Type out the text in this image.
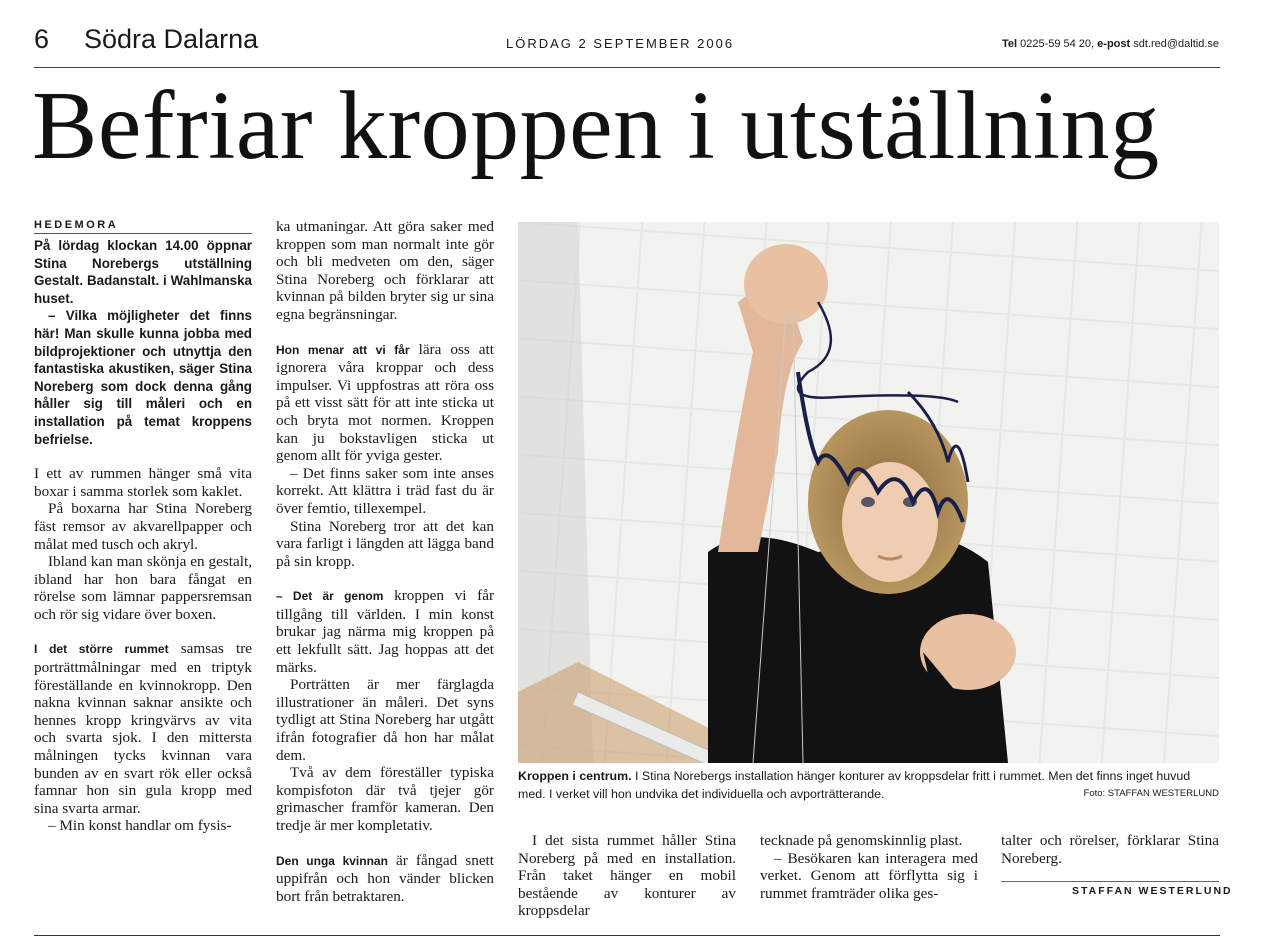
6 Södra Dalarna	LÖRDAG 2 SEPTEMBER 2006	Tel 0225-59 54 20, e-post sdt.red@daltid.se
Befriar kroppen i utställning
HEDEMORA

På lördag klockan 14.00 öppnar Stina Norebergs utställning Gestalt. Badanstalt. i Wahlmanska huset.

– Vilka möjligheter det finns här! Man skulle kunna jobba med bildprojektioner och utnyttja den fantastiska akustiken, säger Stina Noreberg som dock denna gång håller sig till måleri och en installation på temat kroppens befrielse.

I ett av rummen hänger små vita boxar i samma storlek som kaklet.

På boxarna har Stina Noreberg fäst remsor av akvarellpapper och målat med tusch och akryl.

Ibland kan man skönja en gestalt, ibland har hon bara fångat en rörelse som lämnar pappersremsan och rör sig vidare över boxen.

I det större rummet samsas tre porträttmålningar med en triptyk föreställande en kvinnokropp. Den nakna kvinnan saknar ansikte och hennes kropp kringvärvs av vita och svarta sjok. I den mittersta målningen tycks kvinnan vara bunden av en svart rök eller också famnar hon sin gula kropp med sina svarta armar.

– Min konst handlar om fysis-

ka utmaningar. Att göra saker med kroppen som man normalt inte gör och bli medveten om den, säger Stina Noreberg och förklarar att kvinnan på bilden bryter sig ur sina egna begränsningar.

Hon menar att vi får lära oss att ignorera våra kroppar och dess impulser. Vi uppfostras att röra oss på ett visst sätt för att inte sticka ut och bryta mot normen. Kroppen kan ju bokstavligen sticka ut genom allt för yviga gester.

– Det finns saker som inte anses korrekt. Att klättra i träd fast du är över femtio, tillexempel.

Stina Noreberg tror att det kan vara farligt i längden att lägga band på sin kropp.

– Det är genom kroppen vi får tillgång till världen. I min konst brukar jag närma mig kroppen på ett lekfullt sätt. Jag hoppas att det märks.

Porträtten är mer färglagda illustrationer än måleri. Det syns tydligt att Stina Noreberg har utgått ifrån fotografier då hon har målat dem.

Två av dem föreställer typiska kompisfoton där två tjejer gör grimascher framför kameran. Den tredje är mer kompletativ.

Den unga kvinnan är fångad snett uppifrån och hon vänder blicken bort från betraktaren.

Kroppen i centrum. I Stina Norebergs installation hänger konturer av kroppsdelar fritt i rummet. Men det finns inget huvud med. I verket vill hon undvika det individuella och avporträtterande.	Foto: STAFFAN WESTERLUND

I det sista rummet håller Stina Noreberg på med en installation. Från taket hänger en mobil bestående av konturer av kroppsdelar

tecknade på genomskinnlig plast.

– Besökaren kan interagera med verket. Genom att förflytta sig i rummet framträder olika ges-

talter och rörelser, förklarar Stina Noreberg.

STAFFAN WESTERLUND
